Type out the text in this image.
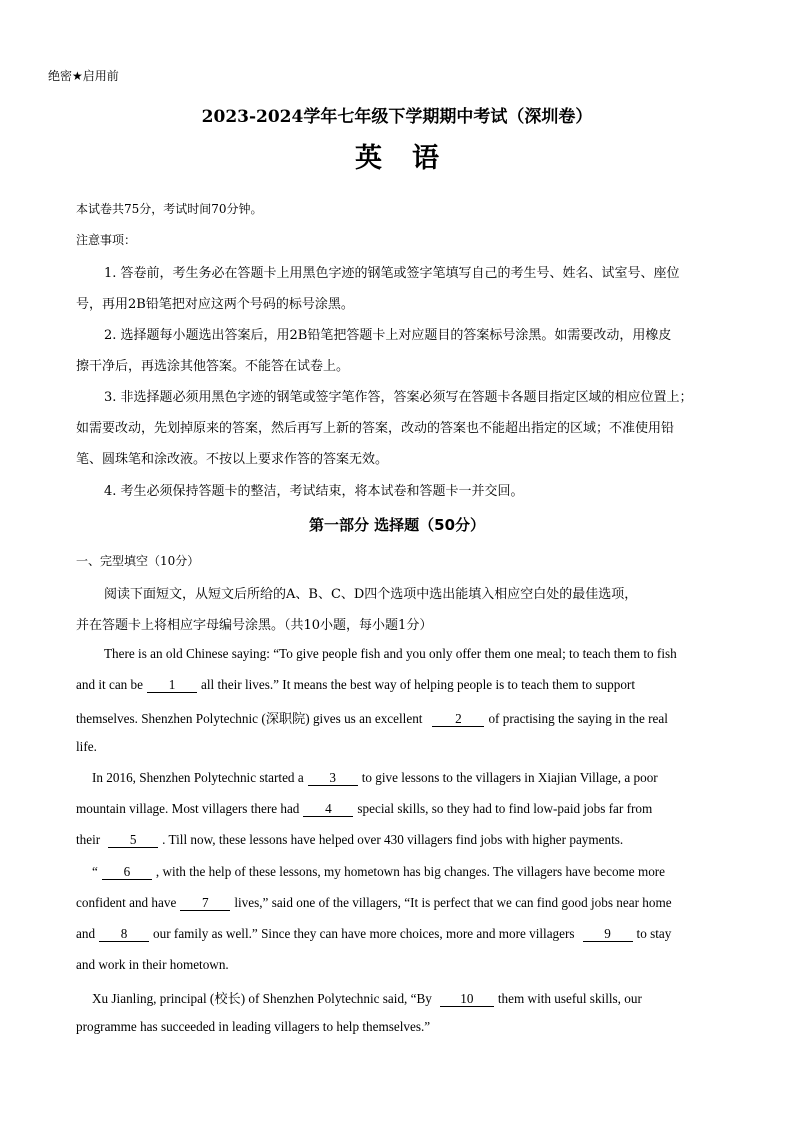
绝密★启用前
2023-2024学年七年级下学期期中考试（深圳卷）
英语
本试卷共75分，考试时间70分钟。
注意事项：
1. 答卷前，考生务必在答题卡上用黑色字迹的钢笔或签字笔填写自己的考生号、姓名、试室号、座位
号，再用2B铅笔把对应这两个号码的标号涂黑。
2. 选择题每小题选出答案后，用2B铅笔把答题卡上对应题目的答案标号涂黑。如需要改动，用橡皮
擦干净后，再选涂其他答案。不能答在试卷上。
3. 非选择题必须用黑色字迹的钢笔或签字笔作答，答案必须写在答题卡各题目指定区域的相应位置上；
如需要改动，先划掉原来的答案，然后再写上新的答案，改动的答案也不能超出指定的区域；不准使用铅
笔、圆珠笔和涂改液。不按以上要求作答的答案无效。
4. 考生必须保持答题卡的整洁，考试结束，将本试卷和答题卡一并交回。
第一部分 选择题（50分）
一、完型填空（10分）
阅读下面短文，从短文后所给的A、B、C、D四个选项中选出能填入相应空白处的最佳选项，
并在答题卡上将相应字母编号涂黑。（共10小题，每小题1分）
There is an old Chinese saying: “To give people fish and you only offer them one meal; to teach them to fish
and it can be 1 all their lives.” It means the best way of helping people is to teach them to support
themselves. Shenzhen Polytechnic (深职院) gives us an excellent 2 of practising the saying in the real
life.
In 2016, Shenzhen Polytechnic started a 3 to give lessons to the villagers in Xiajian Village, a poor
mountain village. Most villagers there had 4 special skills, so they had to find low-paid jobs far from
their 5 . Till now, these lessons have helped over 430 villagers find jobs with higher payments.
“ 6 , with the help of these lessons, my hometown has big changes. The villagers have become more
confident and have 7 lives,” said one of the villagers, “It is perfect that we can find good jobs near home
and 8 our family as well.” Since they can have more choices, more and more villagers 9 to stay
and work in their hometown.
Xu Jianling, principal (校长) of Shenzhen Polytechnic said, “By 10 them with useful skills, our
programme has succeeded in leading villagers to help themselves.”
